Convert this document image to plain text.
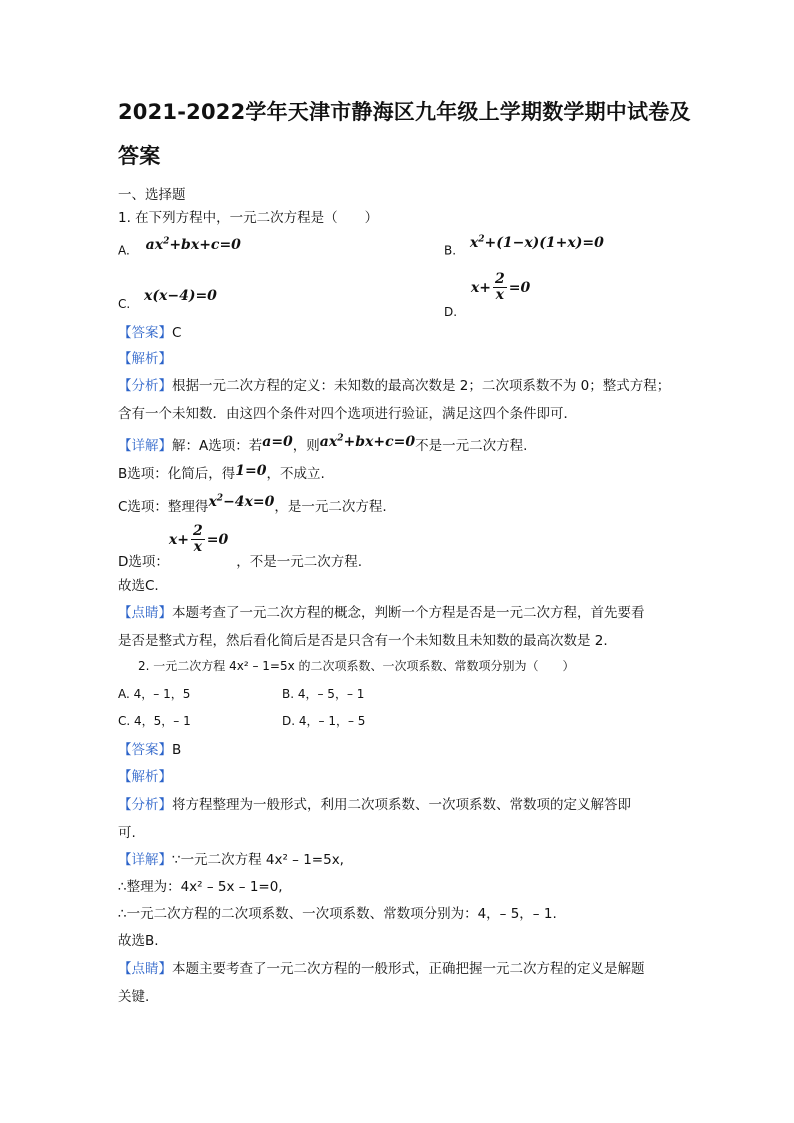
2021-2022学年天津市静海区九年级上学期数学期中试卷及
答案
一、选择题
1. 在下列方程中，一元二次方程是（　　）
A. $ax^2+bx+c=0$	B. $x^2+(1-x)(1+x)=0$
C. x(x−4)=0
D. $x+ \frac{2}{x} =0$
【答案】C
【解析】
【分析】根据一元二次方程的定义：未知数的最高次数是 2；二次项系数不为 0；整式方程；
含有一个未知数．由这四个条件对四个选项进行验证，满足这四个条件即可．
【详解】解：A选项：若a=0，则$ax^2+bx+c=0$不是一元二次方程.
B选项：化简后，得1=0，不成立.
C选项：整理得$x^2-4x=0$，是一元二次方程.
D选项：$x+ \frac{2}{x} =0$，不是一元二次方程.
故选C.
【点睛】本题考查了一元二次方程的概念，判断一个方程是否是一元二次方程，首先要看
是否是整式方程，然后看化简后是否是只含有一个未知数且未知数的最高次数是 2.
2. 一元二次方程 4x² – 1=5x 的二次项系数、一次项系数、常数项分别为（　　）
A. 4，– 1，5	B. 4，– 5，– 1
C. 4，5，– 1	D. 4，– 1，– 5
【答案】B
【解析】
【分析】将方程整理为一般形式，利用二次项系数、一次项系数、常数项的定义解答即
可.
【详解】∵一元二次方程 4x² – 1=5x,
∴整理为：4x² – 5x – 1=0,
∴一元二次方程的二次项系数、一次项系数、常数项分别为：4，– 5，– 1.
故选B.
【点睛】本题主要考查了一元二次方程的一般形式，正确把握一元二次方程的定义是解题
关键.
